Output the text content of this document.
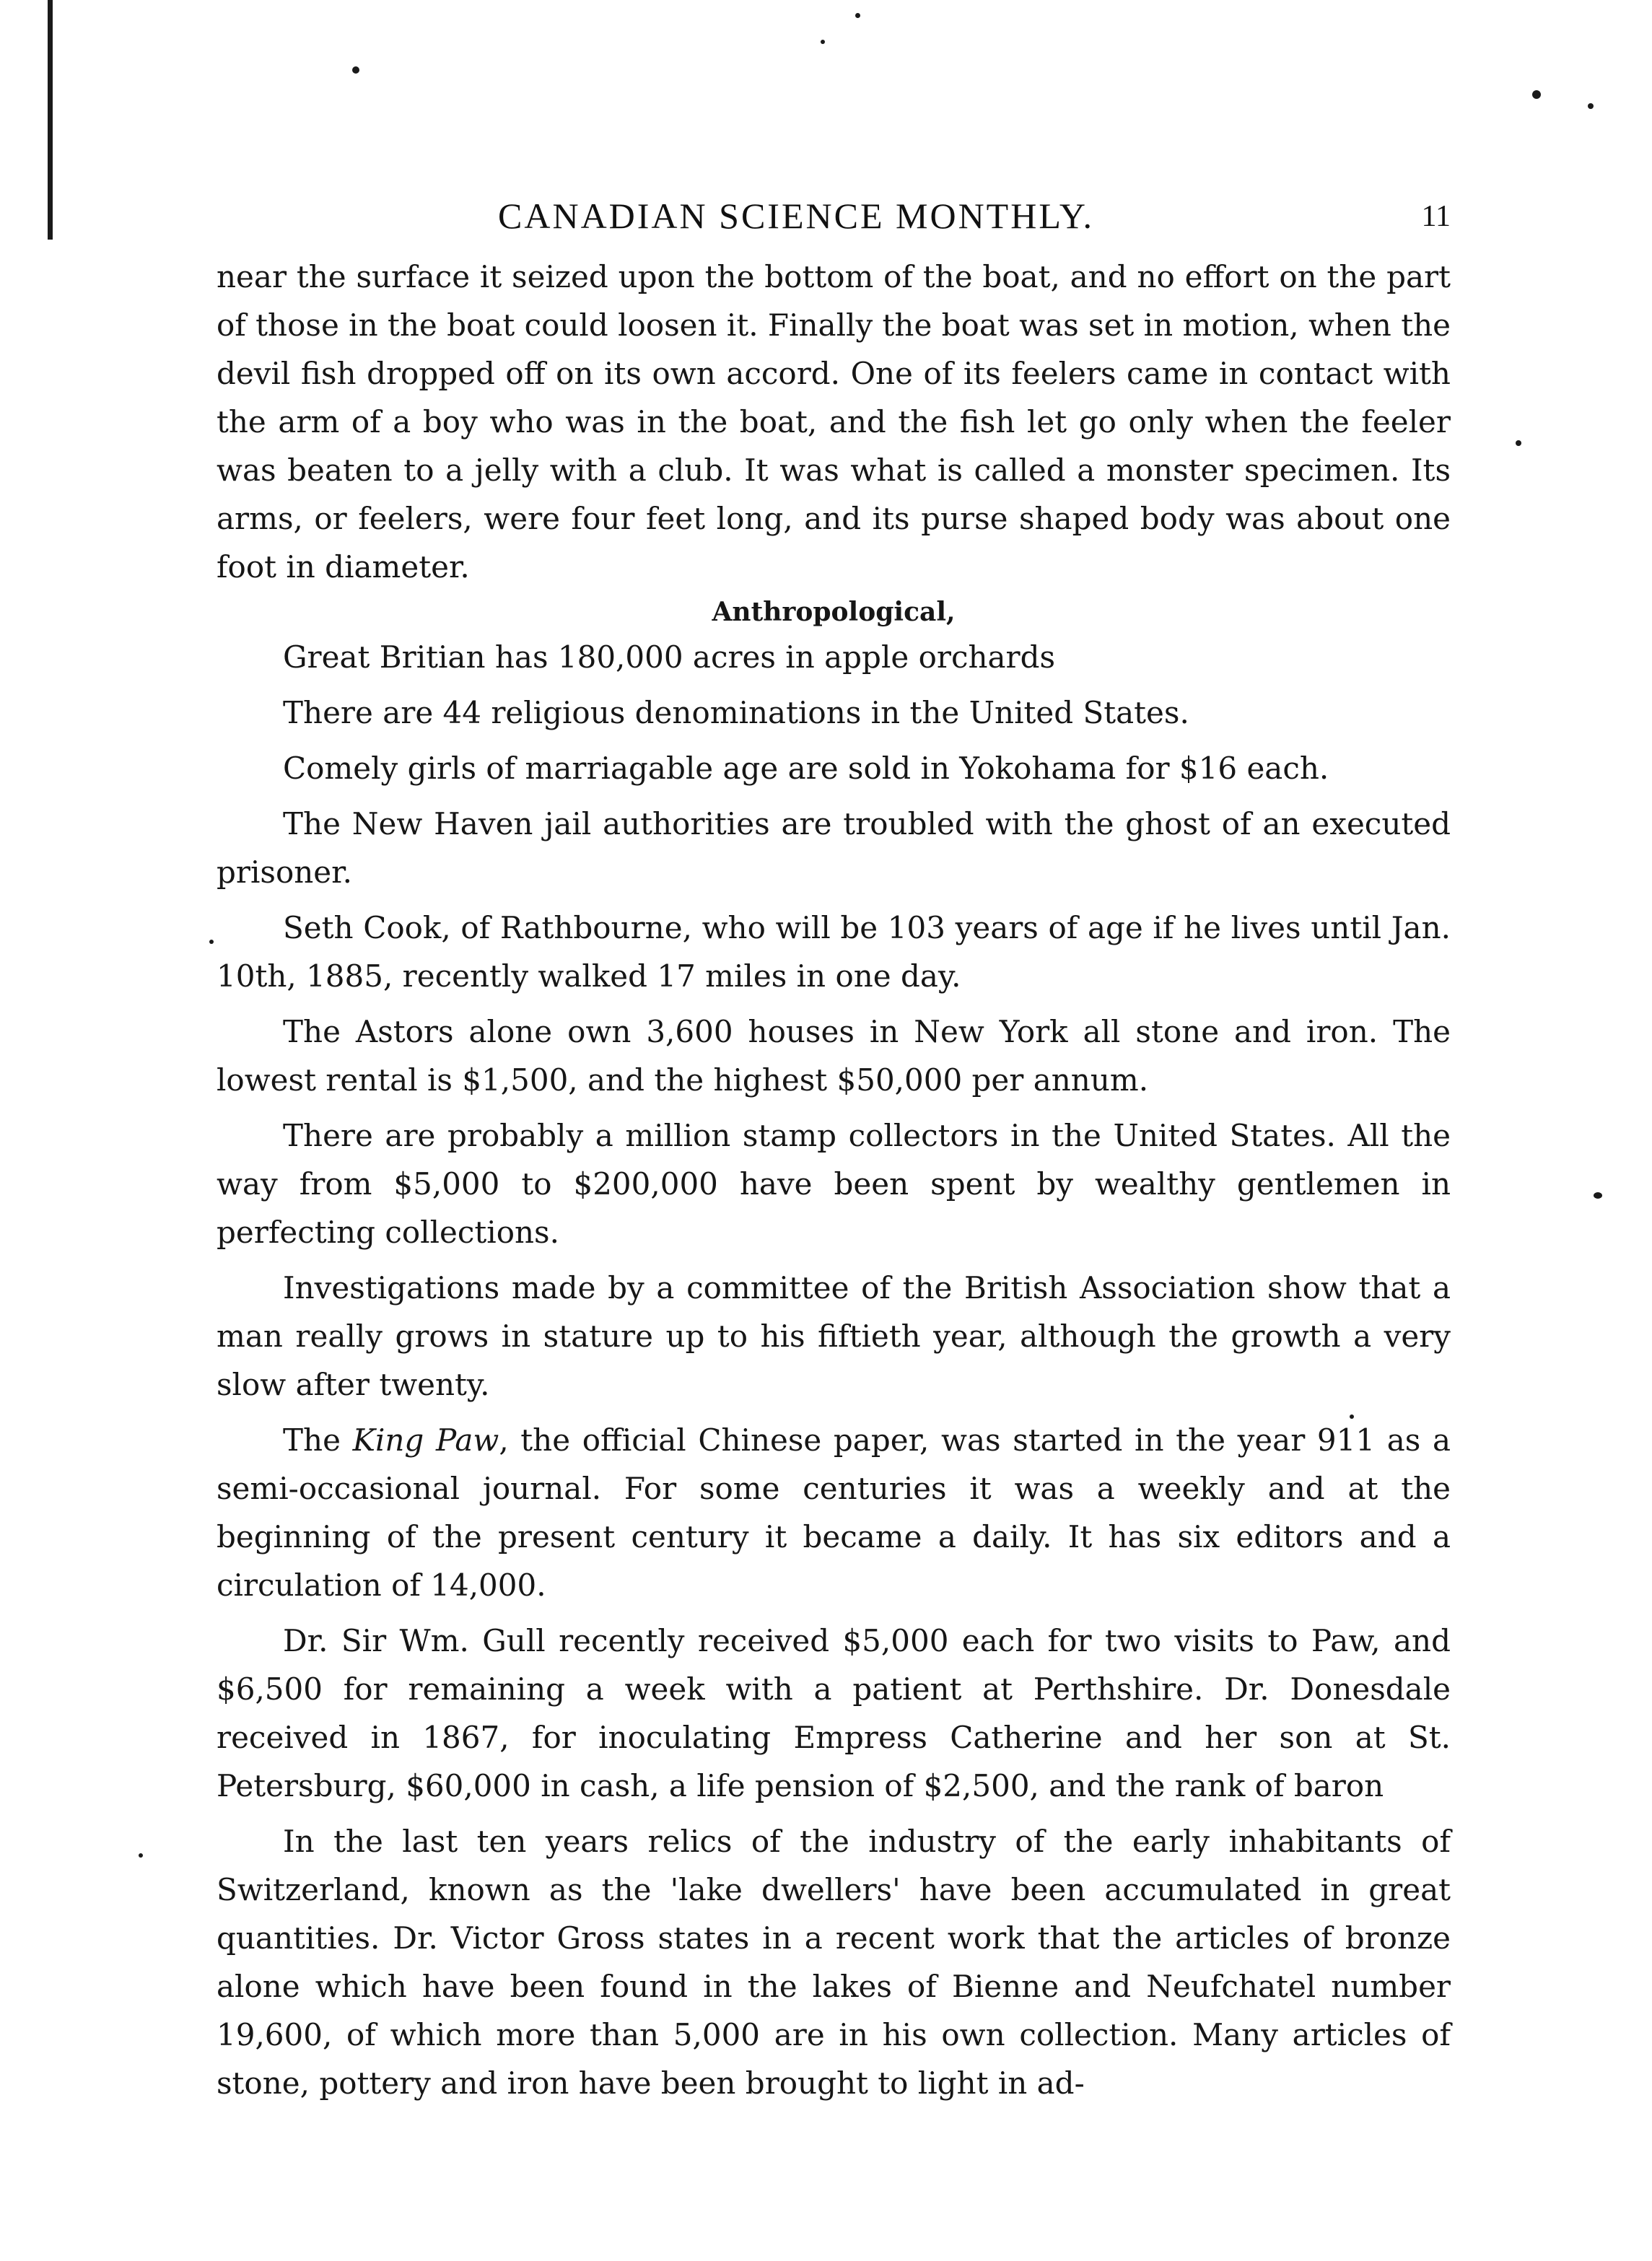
CANADIAN SCIENCE MONTHLY.	11

near the surface it seized upon the bottom of the boat, and no effort on the part of those in the boat could loosen it. Finally the boat was set in motion, when the devil fish dropped off on its own accord. One of its feelers came in contact with the arm of a boy who was in the boat, and the fish let go only when the feeler was beaten to a jelly with a club. It was what is called a monster specimen. Its arms, or feelers, were four feet long, and its purse shaped body was about one foot in diameter.

Anthropological,

Great Britian has 180,000 acres in apple orchards

There are 44 religious denominations in the United States.

Comely girls of marriagable age are sold in Yokohama for $16 each.

The New Haven jail authorities are troubled with the ghost of an executed prisoner.

Seth Cook, of Rathbourne, who will be 103 years of age if he lives until Jan. 10th, 1885, recently walked 17 miles in one day.

The Astors alone own 3,600 houses in New York all stone and iron. The lowest rental is $1,500, and the highest $50,000 per annum.

There are probably a million stamp collectors in the United States. All the way from $5,000 to $200,000 have been spent by wealthy gentlemen in perfecting collections.

Investigations made by a committee of the British Association show that a man really grows in stature up to his fiftieth year, although the growth a very slow after twenty.

The King Paw, the official Chinese paper, was started in the year 911 as a semi-occasional journal. For some centuries it was a weekly and at the beginning of the present century it became a daily. It has six editors and a circulation of 14,000.

Dr. Sir Wm. Gull recently received $5,000 each for two visits to Paw, and $6,500 for remaining a week with a patient at Perthshire. Dr. Donesdale received in 1867, for inoculating Empress Catherine and her son at St. Petersburg, $60,000 in cash, a life pension of $2,500, and the rank of baron

In the last ten years relics of the industry of the early inhabitants of Switzerland, known as the 'lake dwellers' have been accumulated in great quantities. Dr. Victor Gross states in a recent work that the articles of bronze alone which have been found in the lakes of Bienne and Neufchatel number 19,600, of which more than 5,000 are in his own collection. Many articles of stone, pottery and iron have been brought to light in ad-
